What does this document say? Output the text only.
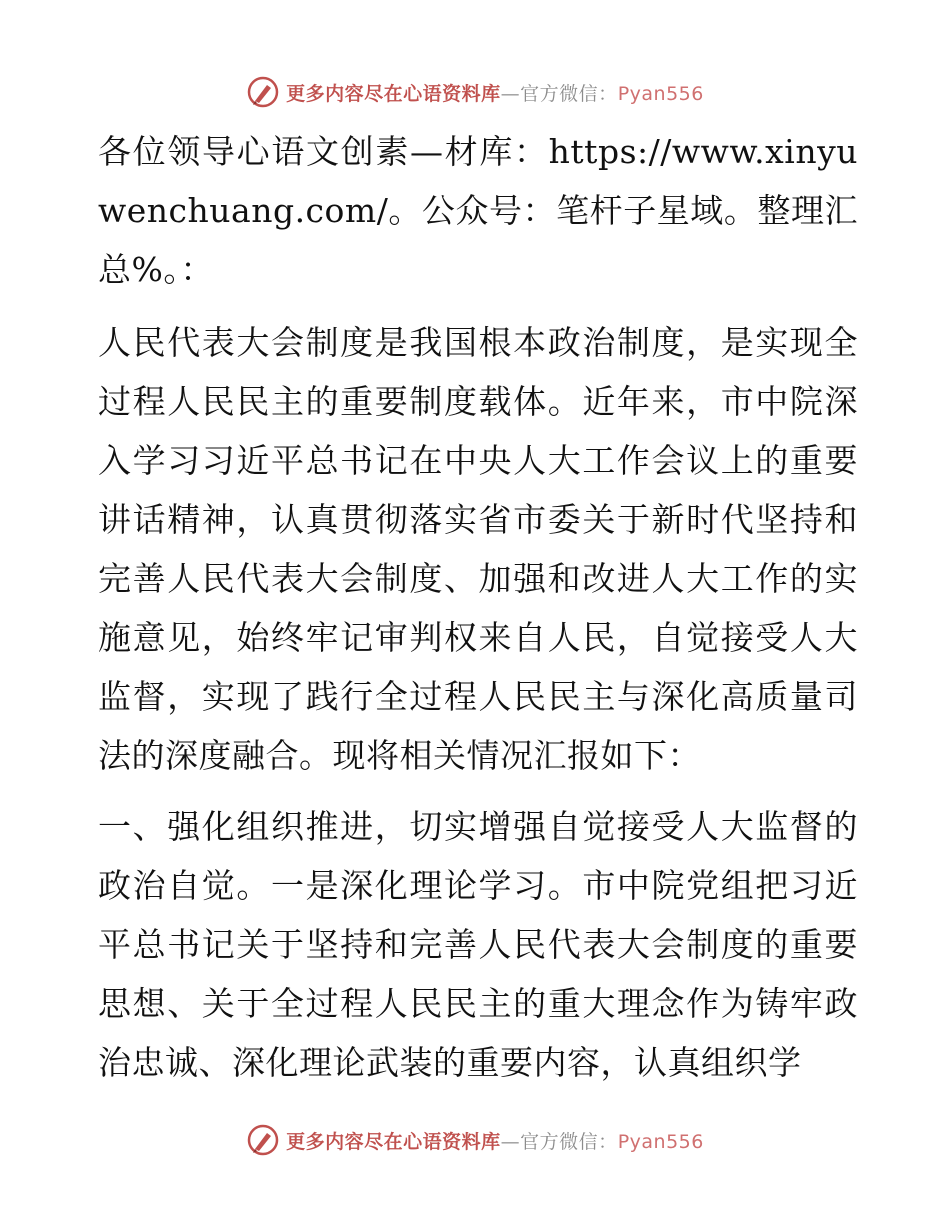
更多内容尽在心语资料库—官方微信：Pyan556

各位领导心语文创素—材库：https://www.xinyuwenchuang.com/。公众号：笔杆子星域。整理汇总%。：

人民代表大会制度是我国根本政治制度，是实现全过程人民民主的重要制度载体。近年来，市中院深入学习习近平总书记在中央人大工作会议上的重要讲话精神，认真贯彻落实省市委关于新时代坚持和完善人民代表大会制度、加强和改进人大工作的实施意见，始终牢记审判权来自人民，自觉接受人大监督，实现了践行全过程人民民主与深化高质量司法的深度融合。现将相关情况汇报如下：

一、强化组织推进，切实增强自觉接受人大监督的政治自觉。一是深化理论学习。市中院党组把习近平总书记关于坚持和完善人民代表大会制度的重要思想、关于全过程人民民主的重大理念作为铸牢政治忠诚、深化理论武装的重要内容，认真组织学

更多内容尽在心语资料库—官方微信：Pyan556
